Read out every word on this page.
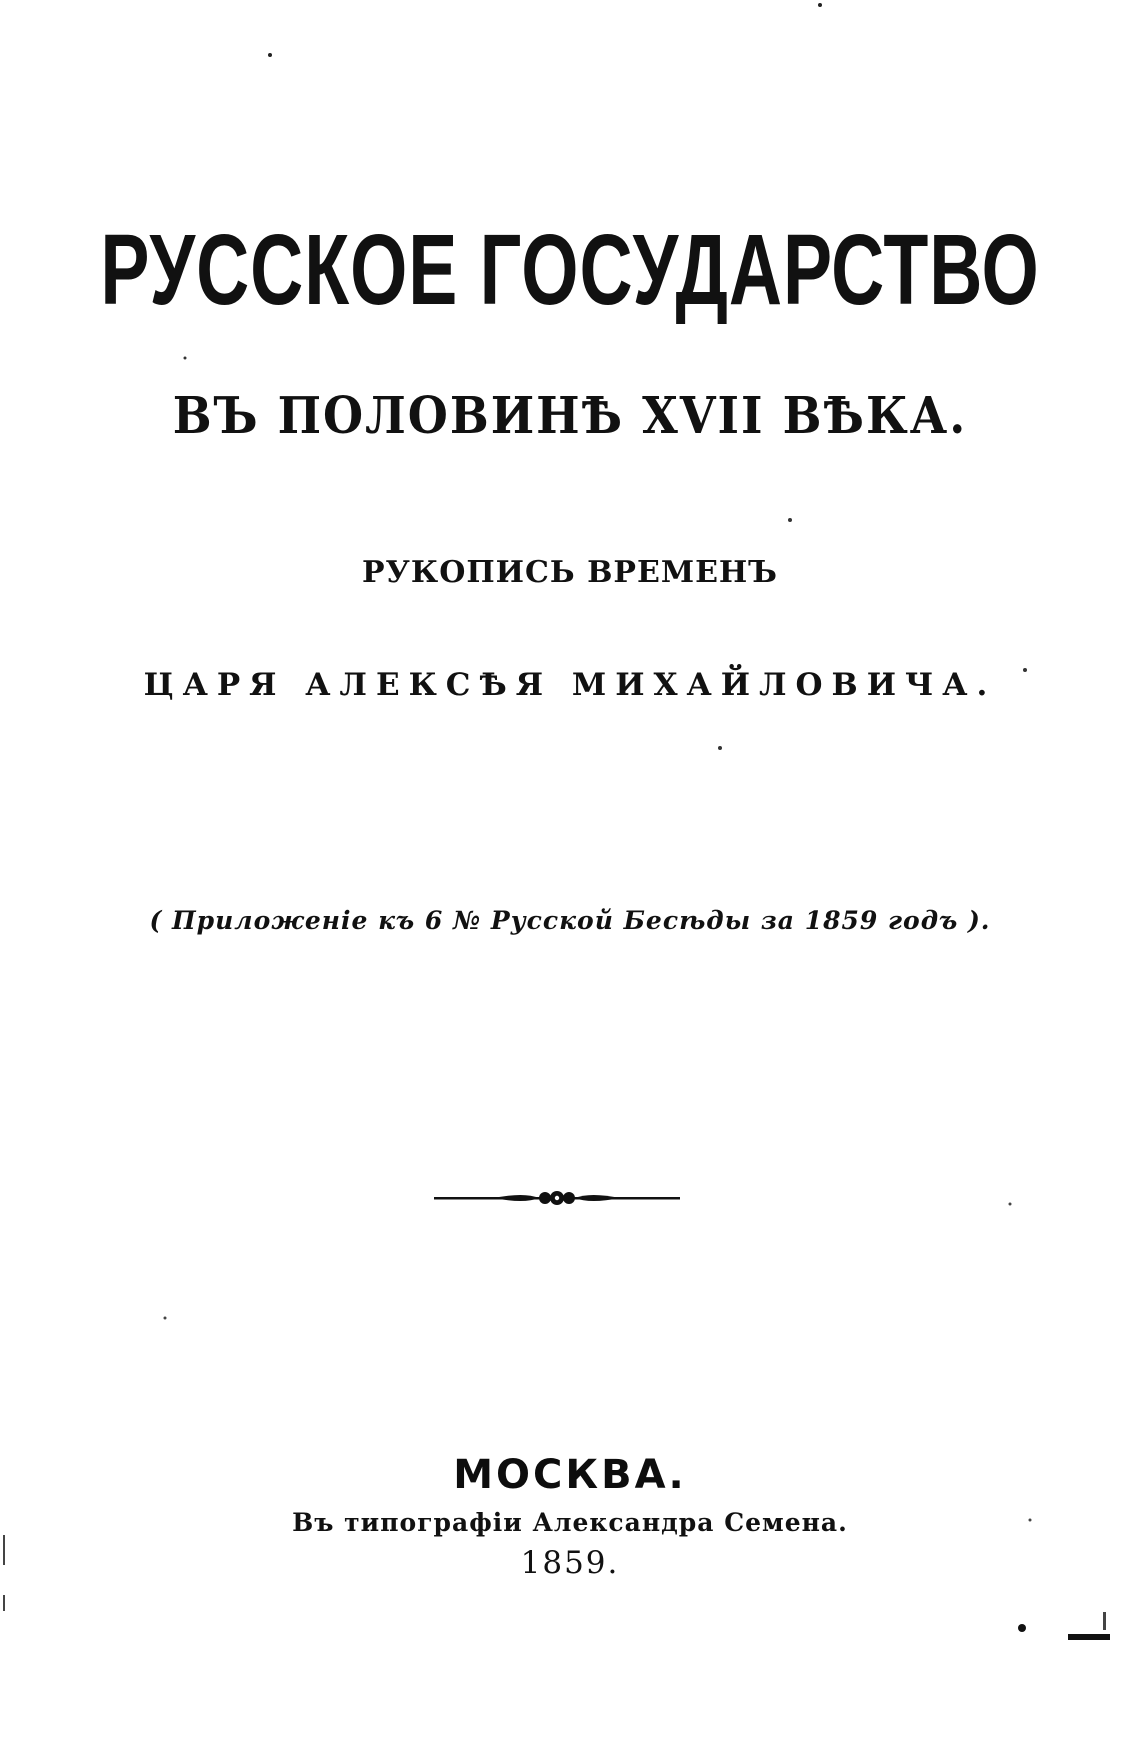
РУССКОЕ ГОСУДАРСТВО
ВЪ ПОЛОВИНѢ XVII ВѢКА.
РУКОПИСЬ ВРЕМЕНЪ
ЦАРЯ АЛЕКСѢЯ МИХАЙЛОВИЧА.
( Приложеніе къ 6 № Русской Бесѣды за 1859 годъ ).
МОСКВА.
Въ типографіи Александра Семена.
1859.
